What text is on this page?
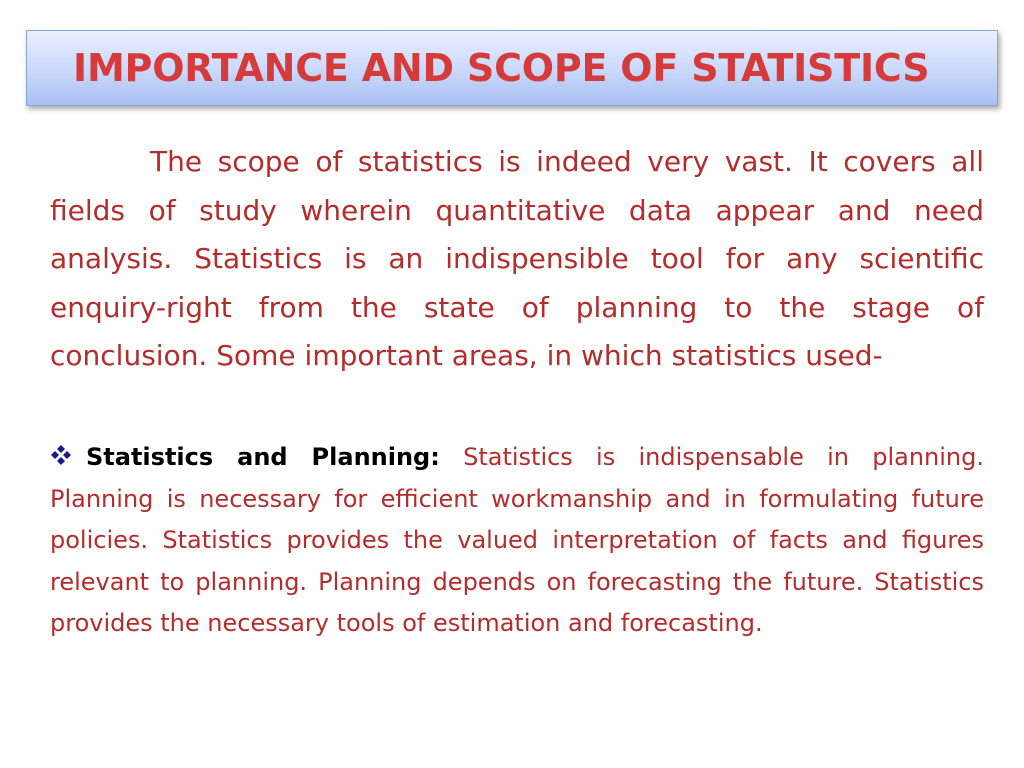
IMPORTANCE AND SCOPE OF STATISTICS

The scope of statistics is indeed very vast. It covers all fields of study wherein quantitative data appear and need analysis. Statistics is an indispensible tool for any scientific enquiry-right from the state of planning to the stage of conclusion. Some important areas, in which statistics used-

Statistics and Planning: Statistics is indispensable in planning. Planning is necessary for efficient workmanship and in formulating future policies. Statistics provides the valued interpretation of facts and figures relevant to planning. Planning depends on forecasting the future. Statistics provides the necessary tools of estimation and forecasting.
